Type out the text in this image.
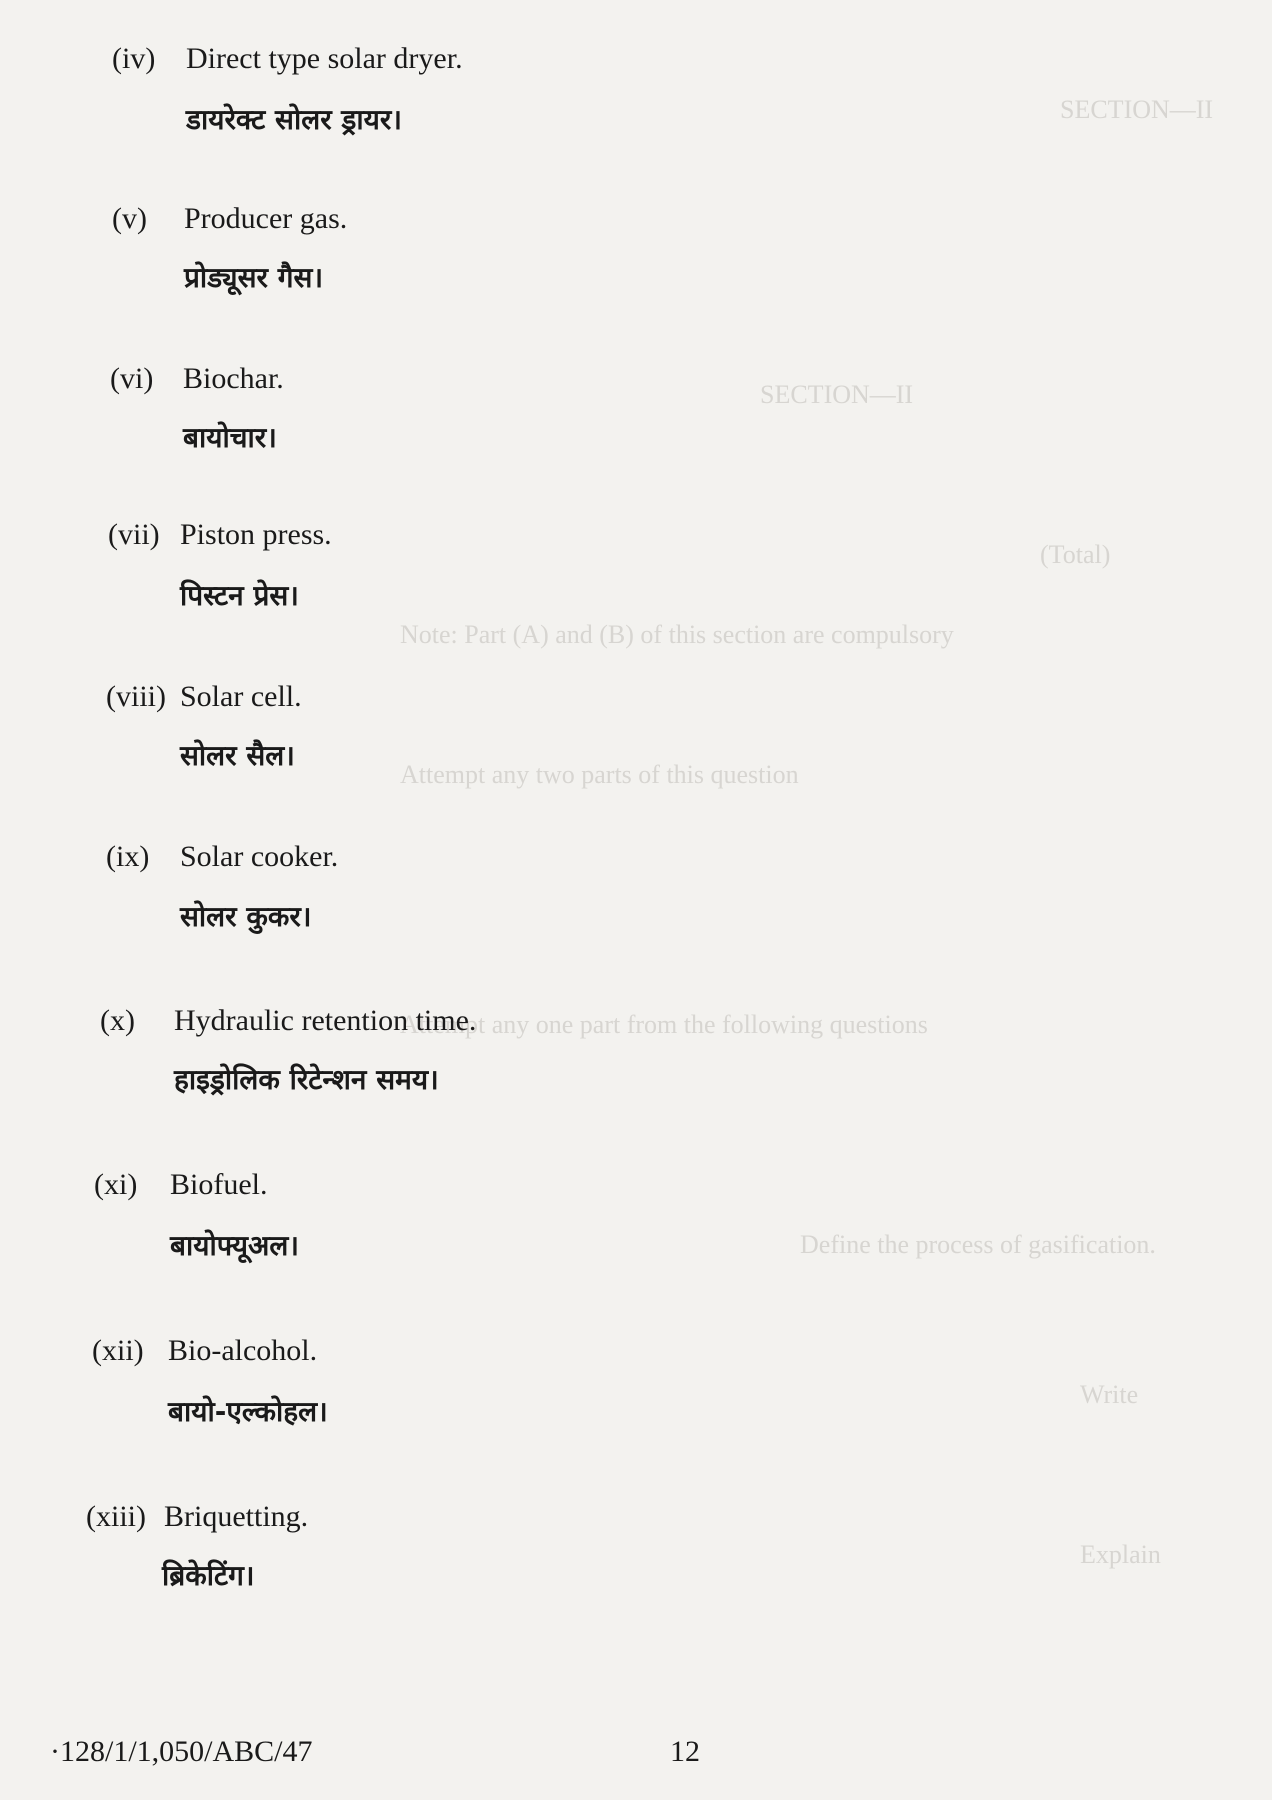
SECTION—II
SECTION—II
(Total)
Note: Part (A) and (B) of this section are compulsory
Attempt any two parts of this question
Attempt any one part from the following questions
Define the process of gasification.
Write
Explain
(iv)	Direct type solar dryer.
डायरेक्ट सोलर ड्रायर।
(v)	Producer gas.
प्रोड्यूसर गैस।
(vi) Biochar.
बायोचार।
(vii) Piston press.
पिस्टन प्रेस।
(viii) Solar cell.
सोलर सैल।
(ix)	Solar cooker.
सोलर कुकर।
(x)	Hydraulic retention time.
हाइड्रोलिक रिटेन्शन समय।
(xi)	Biofuel.
बायोफ्यूअल।
(xii) Bio-alcohol.
बायो-एल्कोहल।
(xiii) Briquetting.
ब्रिकेटिंग।
·128/1/1,050/ABC/47	12
